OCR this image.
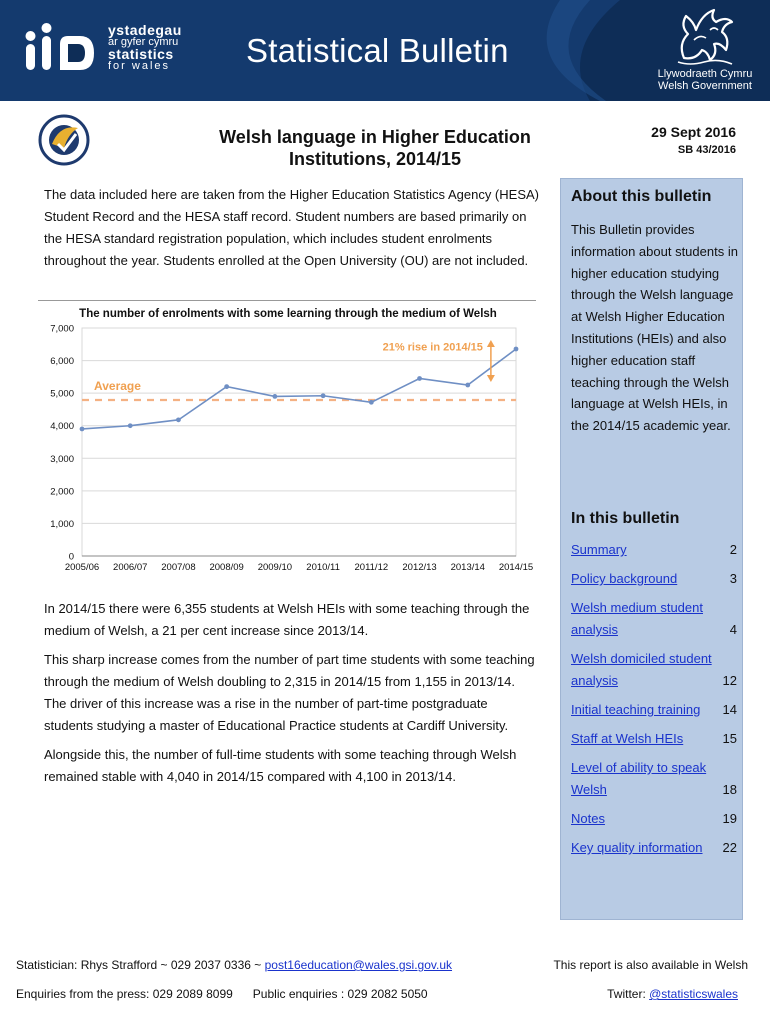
ystadegau
ar gyfer cymru
statistics
for wales	Statistical Bulletin
Llywodraeth Cymru
Welsh Government
Welsh language in Higher Education
Institutions, 2014/15
29 Sept 2016
SB 43/2016
The data included here are taken from the Higher Education Statistics Agency (HESA) Student Record and the HESA staff record. Student numbers are based primarily on the HESA standard registration population, which includes student enrolments throughout the year. Students enrolled at the Open University (OU) are not included.
The number of enrolments with some learning through the medium of Welsh
0
1,000
2,000
3,000
4,000
5,000
6,000
7,000
2005/06 2006/07 2007/08 2008/09 2009/10 2010/11 2011/12 2012/13 2013/14 2014/15
Average
21% rise in 2014/15

In 2014/15 there were 6,355 students at Welsh HEIs with some teaching through the medium of Welsh, a 21 per cent increase since 2013/14.

This sharp increase comes from the number of part time students with some teaching through the medium of Welsh doubling to 2,315 in 2014/15 from 1,155 in 2013/14. The driver of this increase was a rise in the number of part-time postgraduate students studying a master of Educational Practice students at Cardiff University.

Alongside this, the number of full-time students with some teaching through Welsh remained stable with 4,040 in 2014/15 compared with 4,100 in 2013/14.

About this bulletin
This Bulletin provides information about students in higher education studying through the Welsh language at Welsh Higher Education Institutions (HEIs) and also higher education staff teaching through the Welsh language at Welsh HEIs, in the 2014/15 academic year.
In this bulletin
Summary	2
Policy background	3
Welsh medium student analysis	4
Welsh domiciled student analysis	12
Initial teaching training 14
Staff at Welsh HEIs	15
Level of ability to speak Welsh	18
Notes	19
Key quality information 22
Statistician: Rhys Strafford ~ 029 2037 0336 ~ post16education@wales.gsi.gov.uk	This report is also available in Welsh
Enquiries from the press: 029 2089 8099      Public enquiries : 029 2082 5050	Twitter: @statisticswales
